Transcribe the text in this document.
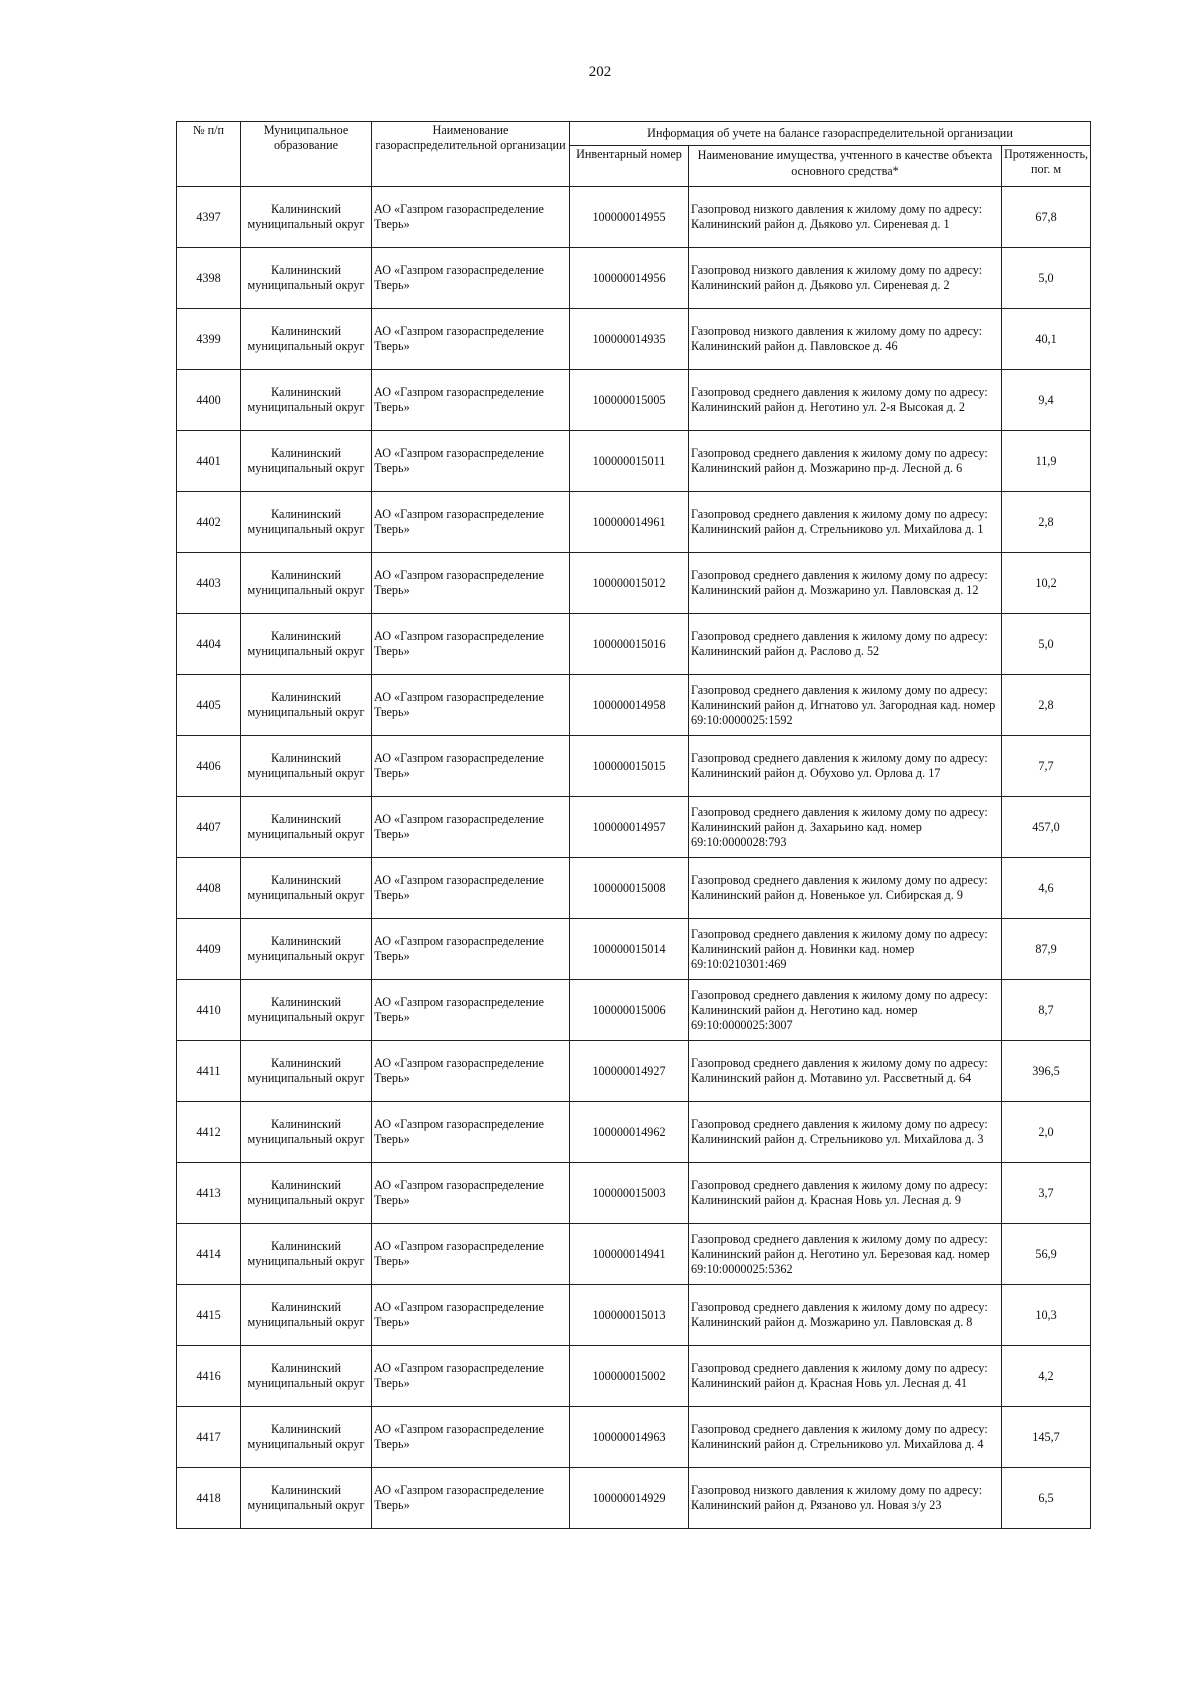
202
№ п/п	Муниципальное образование	Наименование газораспределительной организации	Информация об учете на балансе газораспределительной организации		
			Инвентарный номер	Наименование имущества, учтенного в качестве объекта основного средства*	Протяженность, пог. м
4397	Калининский муниципальный округ	АО «Газпром газораспределение Тверь»	100000014955	Газопровод низкого давления к жилому дому по адресу: Калининский район д. Дьяково ул. Сиреневая д. 1	67,8
4398	Калининский муниципальный округ	АО «Газпром газораспределение Тверь»	100000014956	Газопровод низкого давления к жилому дому по адресу: Калининский район д. Дьяково ул. Сиреневая д. 2	5,0
4399	Калининский муниципальный округ	АО «Газпром газораспределение Тверь»	100000014935	Газопровод низкого давления к жилому дому по адресу: Калининский район д. Павловское д. 46	40,1
4400	Калининский муниципальный округ	АО «Газпром газораспределение Тверь»	100000015005	Газопровод среднего давления к жилому дому по адресу: Калининский район д. Неготино ул. 2-я Высокая д. 2	9,4
4401	Калининский муниципальный округ	АО «Газпром газораспределение Тверь»	100000015011	Газопровод среднего давления к жилому дому по адресу: Калининский район д. Мозжарино пр-д. Лесной д. 6	11,9
4402	Калининский муниципальный округ	АО «Газпром газораспределение Тверь»	100000014961	Газопровод среднего давления к жилому дому по адресу: Калининский район д. Стрельниково ул. Михайлова д. 1	2,8
4403	Калининский муниципальный округ	АО «Газпром газораспределение Тверь»	100000015012	Газопровод среднего давления к жилому дому по адресу: Калининский район д. Мозжарино ул. Павловская д. 12	10,2
4404	Калининский муниципальный округ	АО «Газпром газораспределение Тверь»	100000015016	Газопровод среднего давления к жилому дому по адресу: Калининский район д. Раслово д. 52	5,0
4405	Калининский муниципальный округ	АО «Газпром газораспределение Тверь»	100000014958	Газопровод среднего давления к жилому дому по адресу: Калининский район д. Игнатово ул. Загородная кад. номер 69:10:0000025:1592	2,8
4406	Калининский муниципальный округ	АО «Газпром газораспределение Тверь»	100000015015	Газопровод среднего давления к жилому дому по адресу: Калининский район д. Обухово ул. Орлова д. 17	7,7
4407	Калининский муниципальный округ	АО «Газпром газораспределение Тверь»	100000014957	Газопровод среднего давления к жилому дому по адресу: Калининский район д. Захарьино кад. номер 69:10:0000028:793	457,0
4408	Калининский муниципальный округ	АО «Газпром газораспределение Тверь»	100000015008	Газопровод среднего давления к жилому дому по адресу: Калининский район д. Новенькое ул. Сибирская д. 9	4,6
4409	Калининский муниципальный округ	АО «Газпром газораспределение Тверь»	100000015014	Газопровод среднего давления к жилому дому по адресу: Калининский район д. Новинки кад. номер 69:10:0210301:469	87,9
4410	Калининский муниципальный округ	АО «Газпром газораспределение Тверь»	100000015006	Газопровод среднего давления к жилому дому по адресу: Калининский район д. Неготино кад. номер 69:10:0000025:3007	8,7
4411	Калининский муниципальный округ	АО «Газпром газораспределение Тверь»	100000014927	Газопровод среднего давления к жилому дому по адресу: Калининский район д. Мотавино ул. Рассветный д. 64	396,5
4412	Калининский муниципальный округ	АО «Газпром газораспределение Тверь»	100000014962	Газопровод среднего давления к жилому дому по адресу: Калининский район д. Стрельниково ул. Михайлова д. 3	2,0
4413	Калининский муниципальный округ	АО «Газпром газораспределение Тверь»	100000015003	Газопровод среднего давления к жилому дому по адресу: Калининский район д. Красная Новь ул. Лесная д. 9	3,7
4414	Калининский муниципальный округ	АО «Газпром газораспределение Тверь»	100000014941	Газопровод среднего давления к жилому дому по адресу: Калининский район д. Неготино ул. Березовая кад. номер 69:10:0000025:5362	56,9
4415	Калининский муниципальный округ	АО «Газпром газораспределение Тверь»	100000015013	Газопровод среднего давления к жилому дому по адресу: Калининский район д. Мозжарино ул. Павловская д. 8	10,3
4416	Калининский муниципальный округ	АО «Газпром газораспределение Тверь»	100000015002	Газопровод среднего давления к жилому дому по адресу: Калининский район д. Красная Новь ул. Лесная д. 41	4,2
4417	Калининский муниципальный округ	АО «Газпром газораспределение Тверь»	100000014963	Газопровод среднего давления к жилому дому по адресу: Калининский район д. Стрельниково ул. Михайлова д. 4	145,7
4418	Калининский муниципальный округ	АО «Газпром газораспределение Тверь»	100000014929	Газопровод низкого давления к жилому дому по адресу: Калининский район д. Рязаново ул. Новая з/у 23	6,5
